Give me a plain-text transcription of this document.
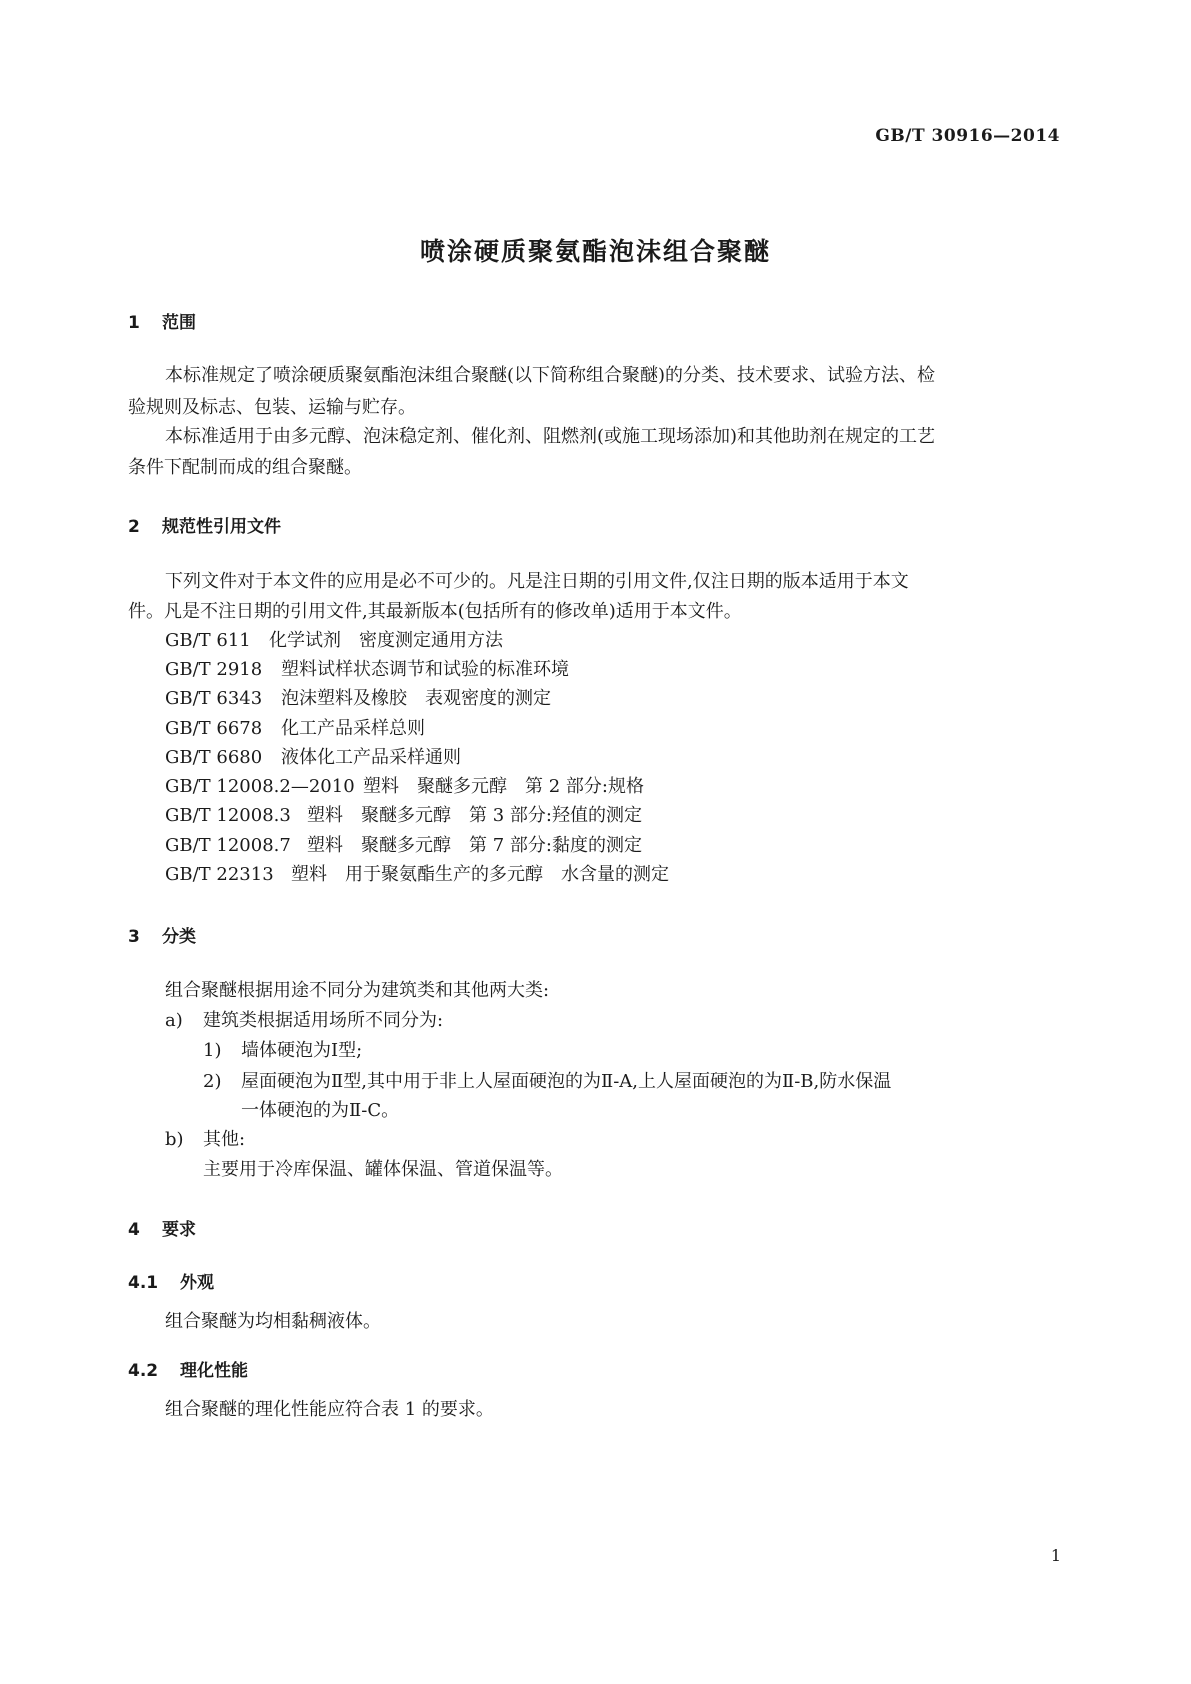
GB/T 30916—2014
喷涂硬质聚氨酯泡沫组合聚醚
1 范围
本标准规定了喷涂硬质聚氨酯泡沫组合聚醚(以下简称组合聚醚)的分类、技术要求、试验方法、检
验规则及标志、包装、运输与贮存。
本标准适用于由多元醇、泡沫稳定剂、催化剂、阻燃剂(或施工现场添加)和其他助剂在规定的工艺
条件下配制而成的组合聚醚。
2 规范性引用文件
下列文件对于本文件的应用是必不可少的。凡是注日期的引用文件,仅注日期的版本适用于本文
件。凡是不注日期的引用文件,其最新版本(包括所有的修改单)适用于本文件。
GB/T 611 化学试剂　密度测定通用方法
GB/T 2918 塑料试样状态调节和试验的标准环境
GB/T 6343 泡沫塑料及橡胶　表观密度的测定
GB/T 6678 化工产品采样总则
GB/T 6680 液体化工产品采样通则
GB/T 12008.2—2010 塑料　聚醚多元醇　第 2 部分:规格
GB/T 12008.3 塑料　聚醚多元醇　第 3 部分:羟值的测定
GB/T 12008.7 塑料　聚醚多元醇　第 7 部分:黏度的测定
GB/T 22313 塑料　用于聚氨酯生产的多元醇　水含量的测定
3 分类
组合聚醚根据用途不同分为建筑类和其他两大类:
a) 建筑类根据适用场所不同分为:
1) 墙体硬泡为Ⅰ型;
2) 屋面硬泡为Ⅱ型,其中用于非上人屋面硬泡的为Ⅱ-A,上人屋面硬泡的为Ⅱ-B,防水保温
一体硬泡的为Ⅱ-C。
b) 其他:
主要用于冷库保温、罐体保温、管道保温等。
4 要求
4.1 外观
组合聚醚为均相黏稠液体。
4.2 理化性能
组合聚醚的理化性能应符合表 1 的要求。
1
